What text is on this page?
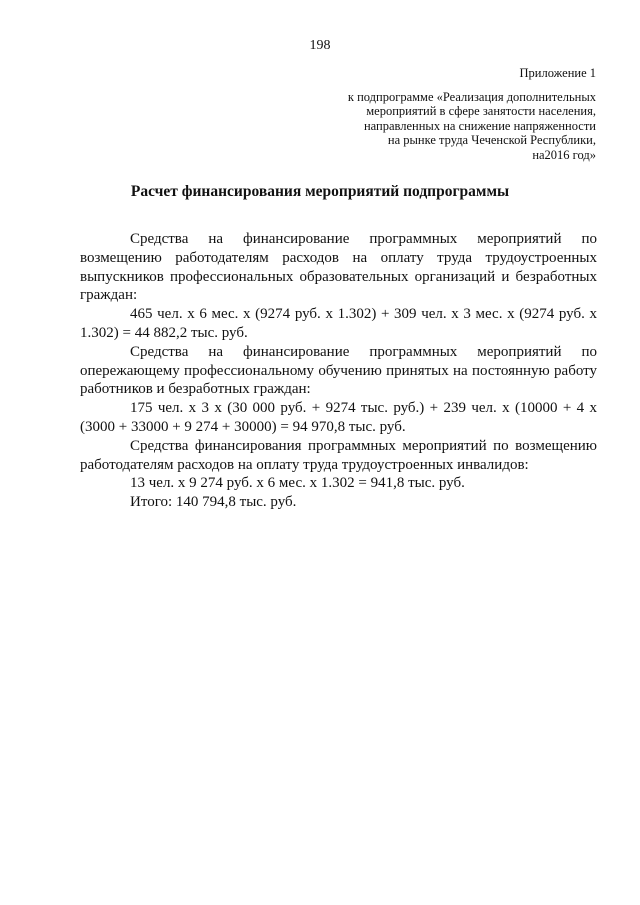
198
Приложение 1
к подпрограмме «Реализация дополнительных
мероприятий в сфере занятости населения,
направленных на снижение напряженности
на рынке труда Чеченской Республики,
на2016 год»
Расчет финансирования мероприятий подпрограммы

Средства на финансирование программных мероприятий по возмещению работодателям расходов на оплату труда трудоустроенных выпускников профессиональных образовательных организаций и безработных граждан:

465 чел. х 6 мес. х (9274 руб. х 1.302) + 309 чел. х 3 мес. х (9274 руб. х 1.302) = 44 882,2 тыс. руб.

Средства на финансирование программных мероприятий по опережающему профессиональному обучению принятых на постоянную работу работников и безработных граждан:

175 чел. х 3 х (30 000 руб. + 9274 тыс. руб.) + 239 чел. х (10000 + 4 х (3000 + 33000 + 9 274 + 30000) = 94 970,8 тыс. руб.

Средства финансирования программных мероприятий по возмещению работодателям расходов на оплату труда трудоустроенных инвалидов:

13 чел. х 9 274 руб. х 6 мес. х 1.302 = 941,8 тыс. руб.

Итого: 140 794,8 тыс. руб.
